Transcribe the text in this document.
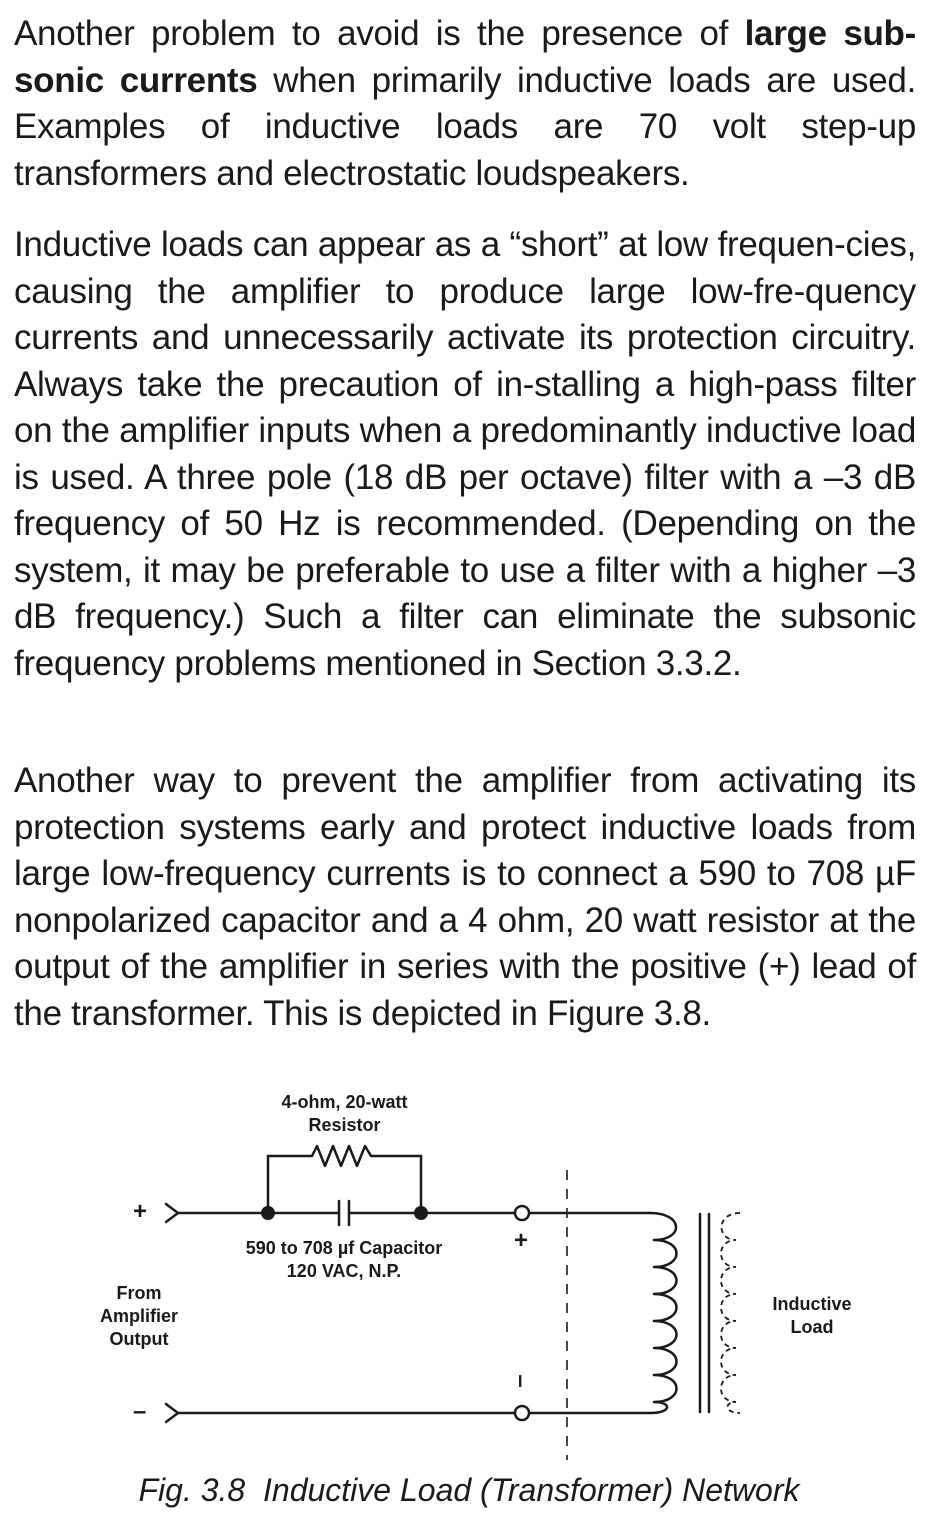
Another problem to avoid is the presence of large sub-sonic currents when primarily inductive loads are used. Examples of inductive loads are 70 volt step-up transformers and electrostatic loudspeakers.

Inductive loads can appear as a “short” at low frequen-cies, causing the amplifier to produce large low-fre-quency currents and unnecessarily activate its protection circuitry. Always take the precaution of in-stalling a high-pass filter on the amplifier inputs when a predominantly inductive load is used. A three pole (18 dB per octave) filter with a –3 dB frequency of 50 Hz is recommended. (Depending on the system, it may be preferable to use a filter with a higher –3 dB frequency.) Such a filter can eliminate the subsonic frequency problems mentioned in Section 3.3.2.

Another way to prevent the amplifier from activating its protection systems early and protect inductive loads from large low-frequency currents is to connect a 590 to 708 µF nonpolarized capacitor and a 4 ohm, 20 watt resistor at the output of the amplifier in series with the positive (+) lead of the transformer. This is depicted in Figure 3.8.

4-ohm, 20-watt
Resistor
590 to 708 µf Capacitor
120 VAC, N.P.
From
Amplifier
Output
Inductive
Load
+
–
+
–

Fig. 3.8  Inductive Load (Transformer) Network
